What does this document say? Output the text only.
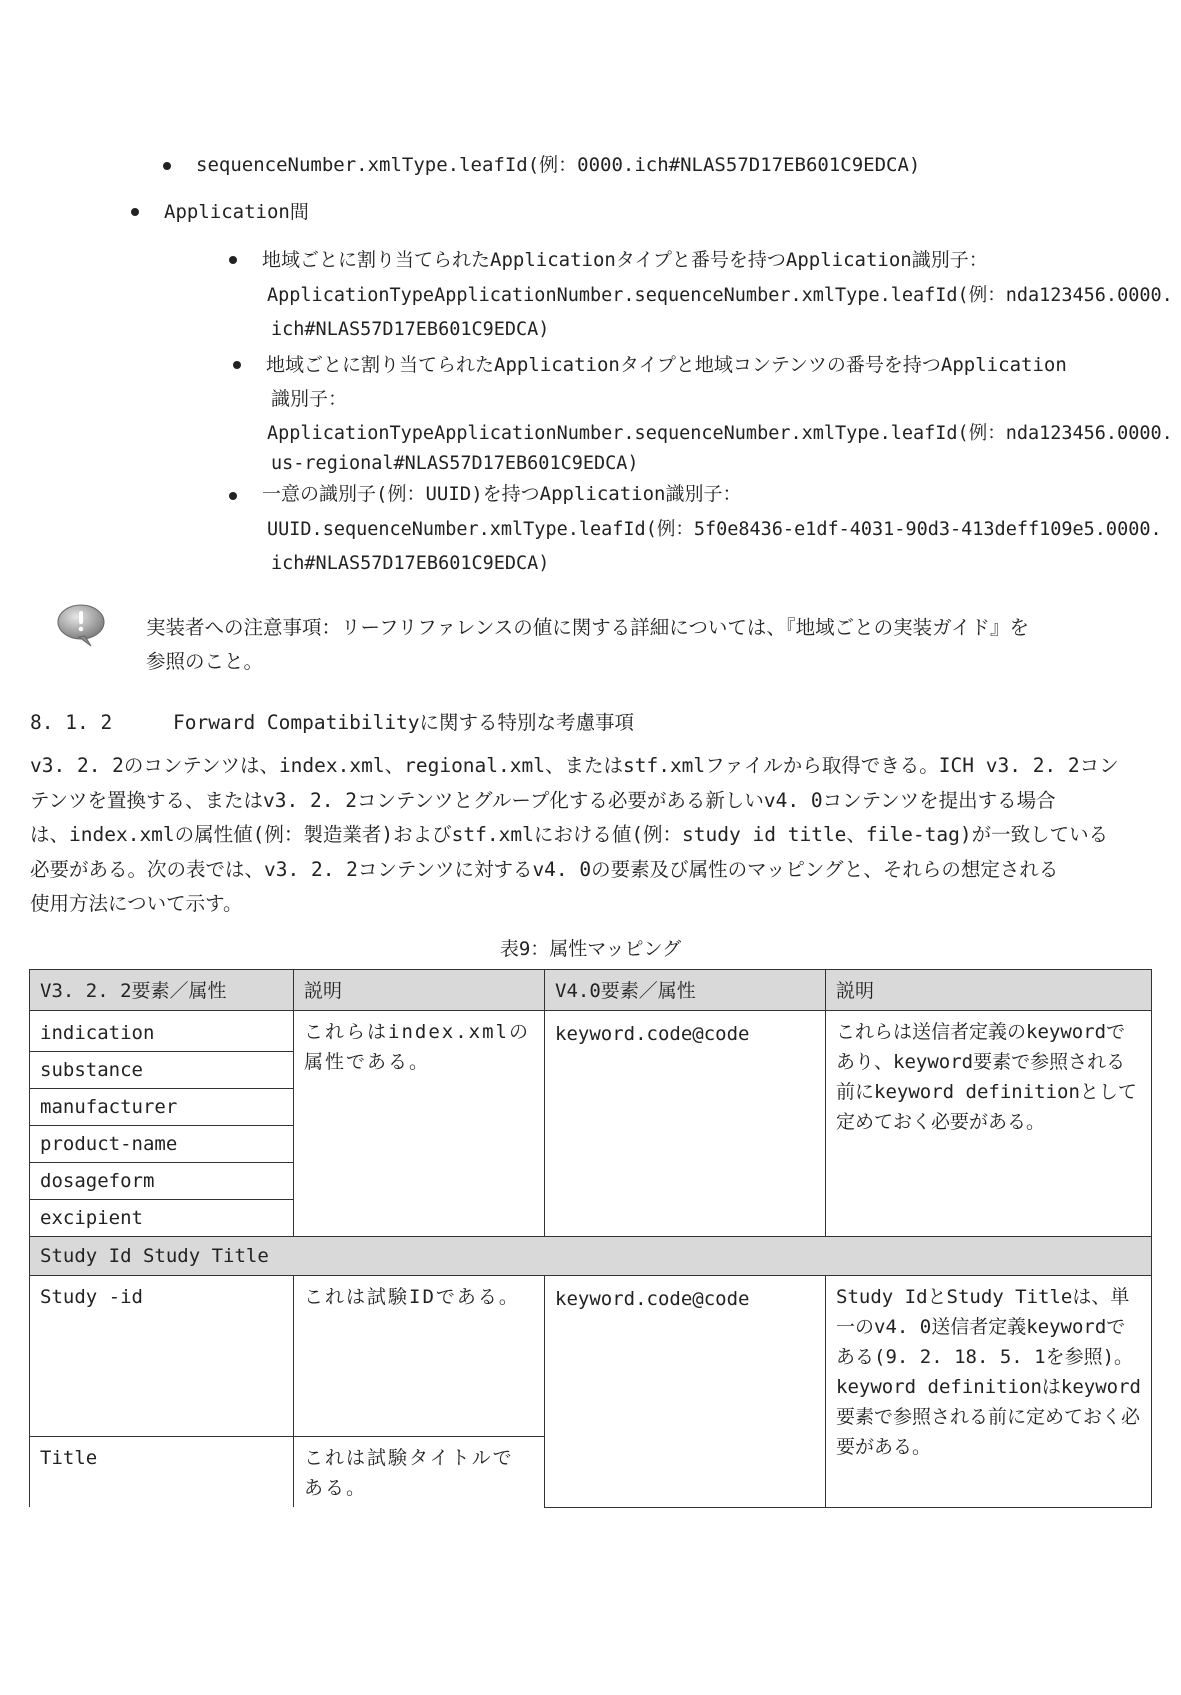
sequenceNumber.xmlType.leafId(例：0000.ich#NLAS57D17EB601C9EDCA)
Application間
地域ごとに割り当てられたApplicationタイプと番号を持つApplication識別子：
ApplicationTypeApplicationNumber.sequenceNumber.xmlType.leafId(例：nda123456.0000.
ich#NLAS57D17EB601C9EDCA)
地域ごとに割り当てられたApplicationタイプと地域コンテンツの番号を持つApplication
識別子：
ApplicationTypeApplicationNumber.sequenceNumber.xmlType.leafId(例：nda123456.0000.
us-regional#NLAS57D17EB601C9EDCA)
一意の識別子(例：UUID)を持つApplication識別子：
UUID.sequenceNumber.xmlType.leafId(例：5f0e8436-e1df-4031-90d3-413deff109e5.0000.
ich#NLAS57D17EB601C9EDCA)
実装者への注意事項：リーフリファレンスの値に関する詳細については、『地域ごとの実装ガイド』を
参照のこと。
8. 1. 2	Forward Compatibilityに関する特別な考慮事項
v3. 2. 2のコンテンツは、index.xml、regional.xml、またはstf.xmlファイルから取得できる。ICH v3. 2. 2コン
テンツを置換する、またはv3. 2. 2コンテンツとグループ化する必要がある新しいv4. 0コンテンツを提出する場合
は、index.xmlの属性値(例：製造業者)およびstf.xmlにおける値(例：study id title、file-tag)が一致している
必要がある。次の表では、v3. 2. 2コンテンツに対するv4. 0の要素及び属性のマッピングと、それらの想定される
使用方法について示す。
表9：属性マッピング
V3. 2. 2要素／属性	説明	V4.0要素／属性	説明
indication	これらはindex.xmlの属性である。	keyword.code@code	これらは送信者定義のkeywordであり、keyword要素で参照される前にkeyword definitionとして定めておく必要がある。

substance			
manufacturer			
product-name			
dosageform			
excipient			
Study Id Study Title			
Study -id	これは試験IDである。	keyword.code@code	Study IdとStudy Titleは、単一のv4. 0送信者定義keywordである(9. 2. 18. 5. 1を参照)。keyword definitionはkeyword要素で参照される前に定めておく必要がある。

Title	これは試験タイトルである。		
